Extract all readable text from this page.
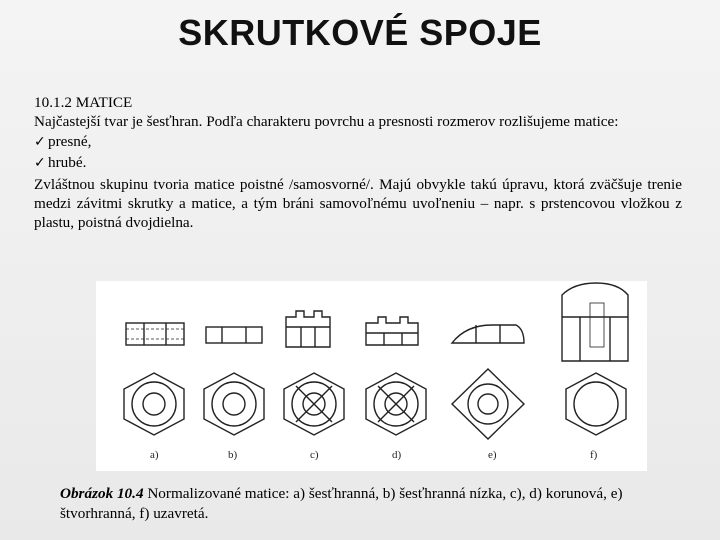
SKRUTKOVÉ SPOJE

10.1.2 MATICE

Najčastejší tvar je šesťhran. Podľa charakteru povrchu a presnosti rozmerov rozlišujeme matice:

✓ presné,
✓ hrubé.

Zvláštnou skupinu tvoria matice poistné /samosvorné/. Majú obvykle takú úpravu, ktorá zväčšuje trenie medzi závitmi skrutky a matice, a tým bráni samovoľnému uvoľneniu – napr. s prstencovou vložkou z plastu, poistná dvojdielna.

a)	b)	c)	d)	e)	f)
Obrázok 10.4 Normalizované matice: a) šesťhranná, b) šesťhranná nízka, c), d) korunová, e) štvorhranná, f) uzavretá.
